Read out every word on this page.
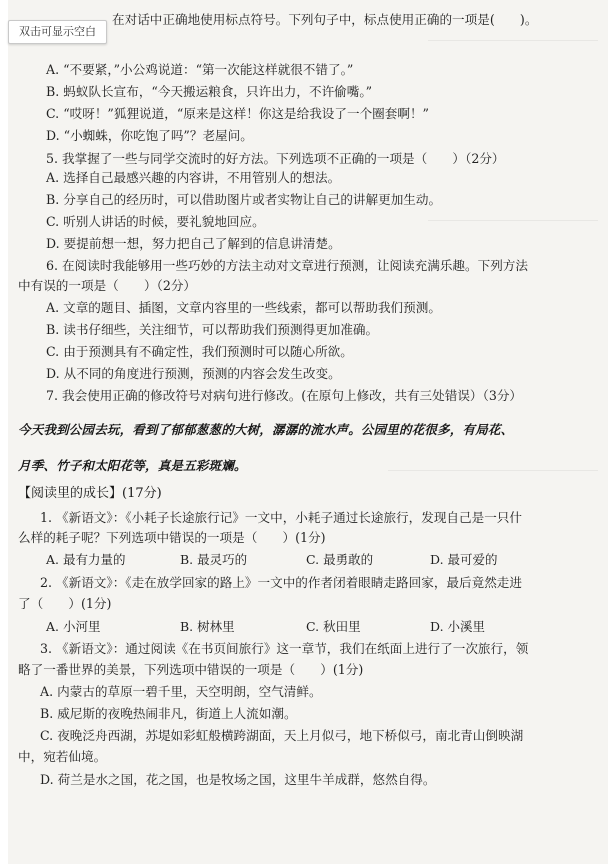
双击可显示空白
在对话中正确地使用标点符号。下列句子中，标点使用正确的一项是(　　)。
A. “不要紧，”小公鸡说道：“第一次能这样就很不错了。”
B. 蚂蚁队长宣布，“今天搬运粮食，只许出力，不许偷嘴。”
C. “哎呀！”狐狸说道，“原来是这样！你这是给我设了一个圈套啊！”
D. “小蜘蛛，你吃饱了吗”？老屋问。
5. 我掌握了一些与同学交流时的好方法。下列选项不正确的一项是（　　）（2分）
A. 选择自己最感兴趣的内容讲，不用管别人的想法。
B. 分享自己的经历时，可以借助图片或者实物让自己的讲解更加生动。
C. 听别人讲话的时候，要礼貌地回应。
D. 要提前想一想，努力把自己了解到的信息讲清楚。
6. 在阅读时我能够用一些巧妙的方法主动对文章进行预测，让阅读充满乐趣。下列方法
中有误的一项是（　　）（2分）
A. 文章的题目、插图，文章内容里的一些线索，都可以帮助我们预测。
B. 读书仔细些，关注细节，可以帮助我们预测得更加准确。
C. 由于预测具有不确定性，我们预测时可以随心所欲。
D. 从不同的角度进行预测，预测的内容会发生改变。
7. 我会使用正确的修改符号对病句进行修改。(在原句上修改，共有三处错误）（3分）
今天我到公园去玩，看到了郁郁葱葱的大树，潺潺的流水声。公园里的花很多，有局花、
月季、竹子和太阳花等，真是五彩斑斓。
【阅读里的成长】(17分)
1. 《新语文》：《小耗子长途旅行记》一文中，小耗子通过长途旅行，发现自己是一只什
么样的耗子呢？下列选项中错误的一项是（　　）(1分)
A. 最有力量的	B. 最灵巧的	C. 最勇敢的	D. 最可爱的
2. 《新语文》：《走在放学回家的路上》一文中的作者闭着眼睛走路回家，最后竟然走进
了（　　）(1分)
A. 小河里	B. 树林里	C. 秋田里	D. 小溪里
3. 《新语文》：通过阅读《在书页间旅行》这一章节，我们在纸面上进行了一次旅行，领
略了一番世界的美景，下列选项中错误的一项是（　　）(1分)
A. 内蒙古的草原一碧千里，天空明朗，空气清鲜。
B. 威尼斯的夜晚热闹非凡，街道上人流如潮。
C. 夜晚泛舟西湖，苏堤如彩虹般横跨湖面，天上月似弓，地下桥似弓，南北青山倒映湖
中，宛若仙境。
D. 荷兰是水之国，花之国，也是牧场之国，这里牛羊成群，悠然自得。
